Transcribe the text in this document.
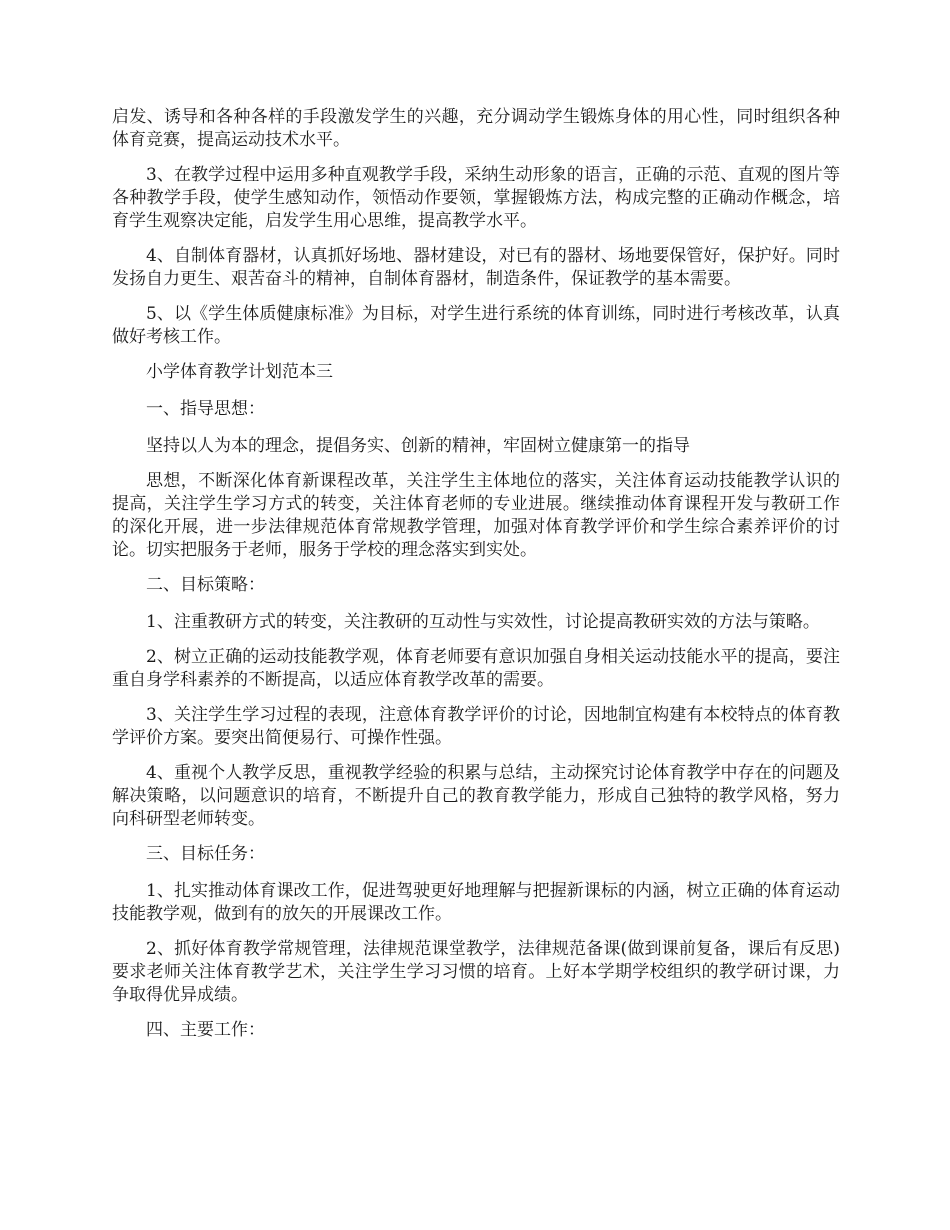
启发、诱导和各种各样的手段激发学生的兴趣，充分调动学生锻炼身体的用心性，同时组织各种体育竞赛，提高运动技术水平。

3、在教学过程中运用多种直观教学手段，采纳生动形象的语言，正确的示范、直观的图片等各种教学手段，使学生感知动作，领悟动作要领，掌握锻炼方法，构成完整的正确动作概念，培育学生观察决定能，启发学生用心思维，提高教学水平。

4、自制体育器材，认真抓好场地、器材建设，对已有的器材、场地要保管好，保护好。同时发扬自力更生、艰苦奋斗的精神，自制体育器材，制造条件，保证教学的基本需要。

5、以《学生体质健康标准》为目标，对学生进行系统的体育训练，同时进行考核改革，认真做好考核工作。

小学体育教学计划范本三

一、指导思想：

坚持以人为本的理念，提倡务实、创新的精神，牢固树立健康第一的指导

思想，不断深化体育新课程改革，关注学生主体地位的落实，关注体育运动技能教学认识的提高，关注学生学习方式的转变，关注体育老师的专业进展。继续推动体育课程开发与教研工作的深化开展，进一步法律规范体育常规教学管理，加强对体育教学评价和学生综合素养评价的讨论。切实把服务于老师，服务于学校的理念落实到实处。

二、目标策略：

1、注重教研方式的转变，关注教研的互动性与实效性，讨论提高教研实效的方法与策略。

2、树立正确的运动技能教学观，体育老师要有意识加强自身相关运动技能水平的提高，要注重自身学科素养的不断提高，以适应体育教学改革的需要。

3、关注学生学习过程的表现，注意体育教学评价的讨论，因地制宜构建有本校特点的体育教学评价方案。要突出简便易行、可操作性强。

4、重视个人教学反思，重视教学经验的积累与总结，主动探究讨论体育教学中存在的问题及解决策略，以问题意识的培育，不断提升自己的教育教学能力，形成自己独特的教学风格，努力向科研型老师转变。

三、目标任务：

1、扎实推动体育课改工作，促进驾驶更好地理解与把握新课标的内涵，树立正确的体育运动技能教学观，做到有的放矢的开展课改工作。

2、抓好体育教学常规管理，法律规范课堂教学，法律规范备课(做到课前复备，课后有反思)要求老师关注体育教学艺术，关注学生学习习惯的培育。上好本学期学校组织的教学研讨课，力争取得优异成绩。

四、主要工作：
